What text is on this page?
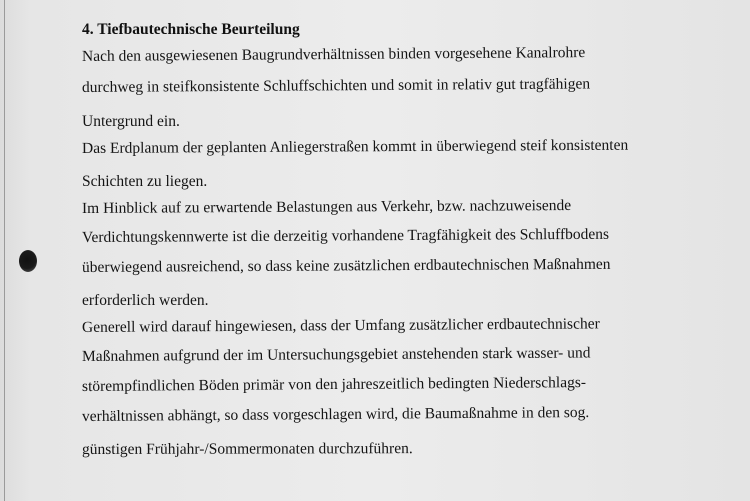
4. Tiefbautechnische Beurteilung
Nach den ausgewiesenen Baugrundverhältnissen binden vorgesehene Kanalrohre
durchweg in steifkonsistente Schluffschichten und somit in relativ gut tragfähigen
Untergrund ein.
Das Erdplanum der geplanten Anliegerstraßen kommt in überwiegend steif konsistenten
Schichten zu liegen.
Im Hinblick auf zu erwartende Belastungen aus Verkehr, bzw. nachzuweisende
Verdichtungskennwerte ist die derzeitig vorhandene Tragfähigkeit des Schluffbodens
überwiegend ausreichend, so dass keine zusätzlichen erdbautechnischen Maßnahmen
erforderlich werden.
Generell wird darauf hingewiesen, dass der Umfang zusätzlicher erdbautechnischer
Maßnahmen aufgrund der im Untersuchungsgebiet anstehenden stark wasser- und
störempfindlichen Böden primär von den jahreszeitlich bedingten Niederschlags-
verhältnissen abhängt, so dass vorgeschlagen wird, die Baumaßnahme in den sog.
günstigen Frühjahr-/Sommermonaten durchzuführen.
